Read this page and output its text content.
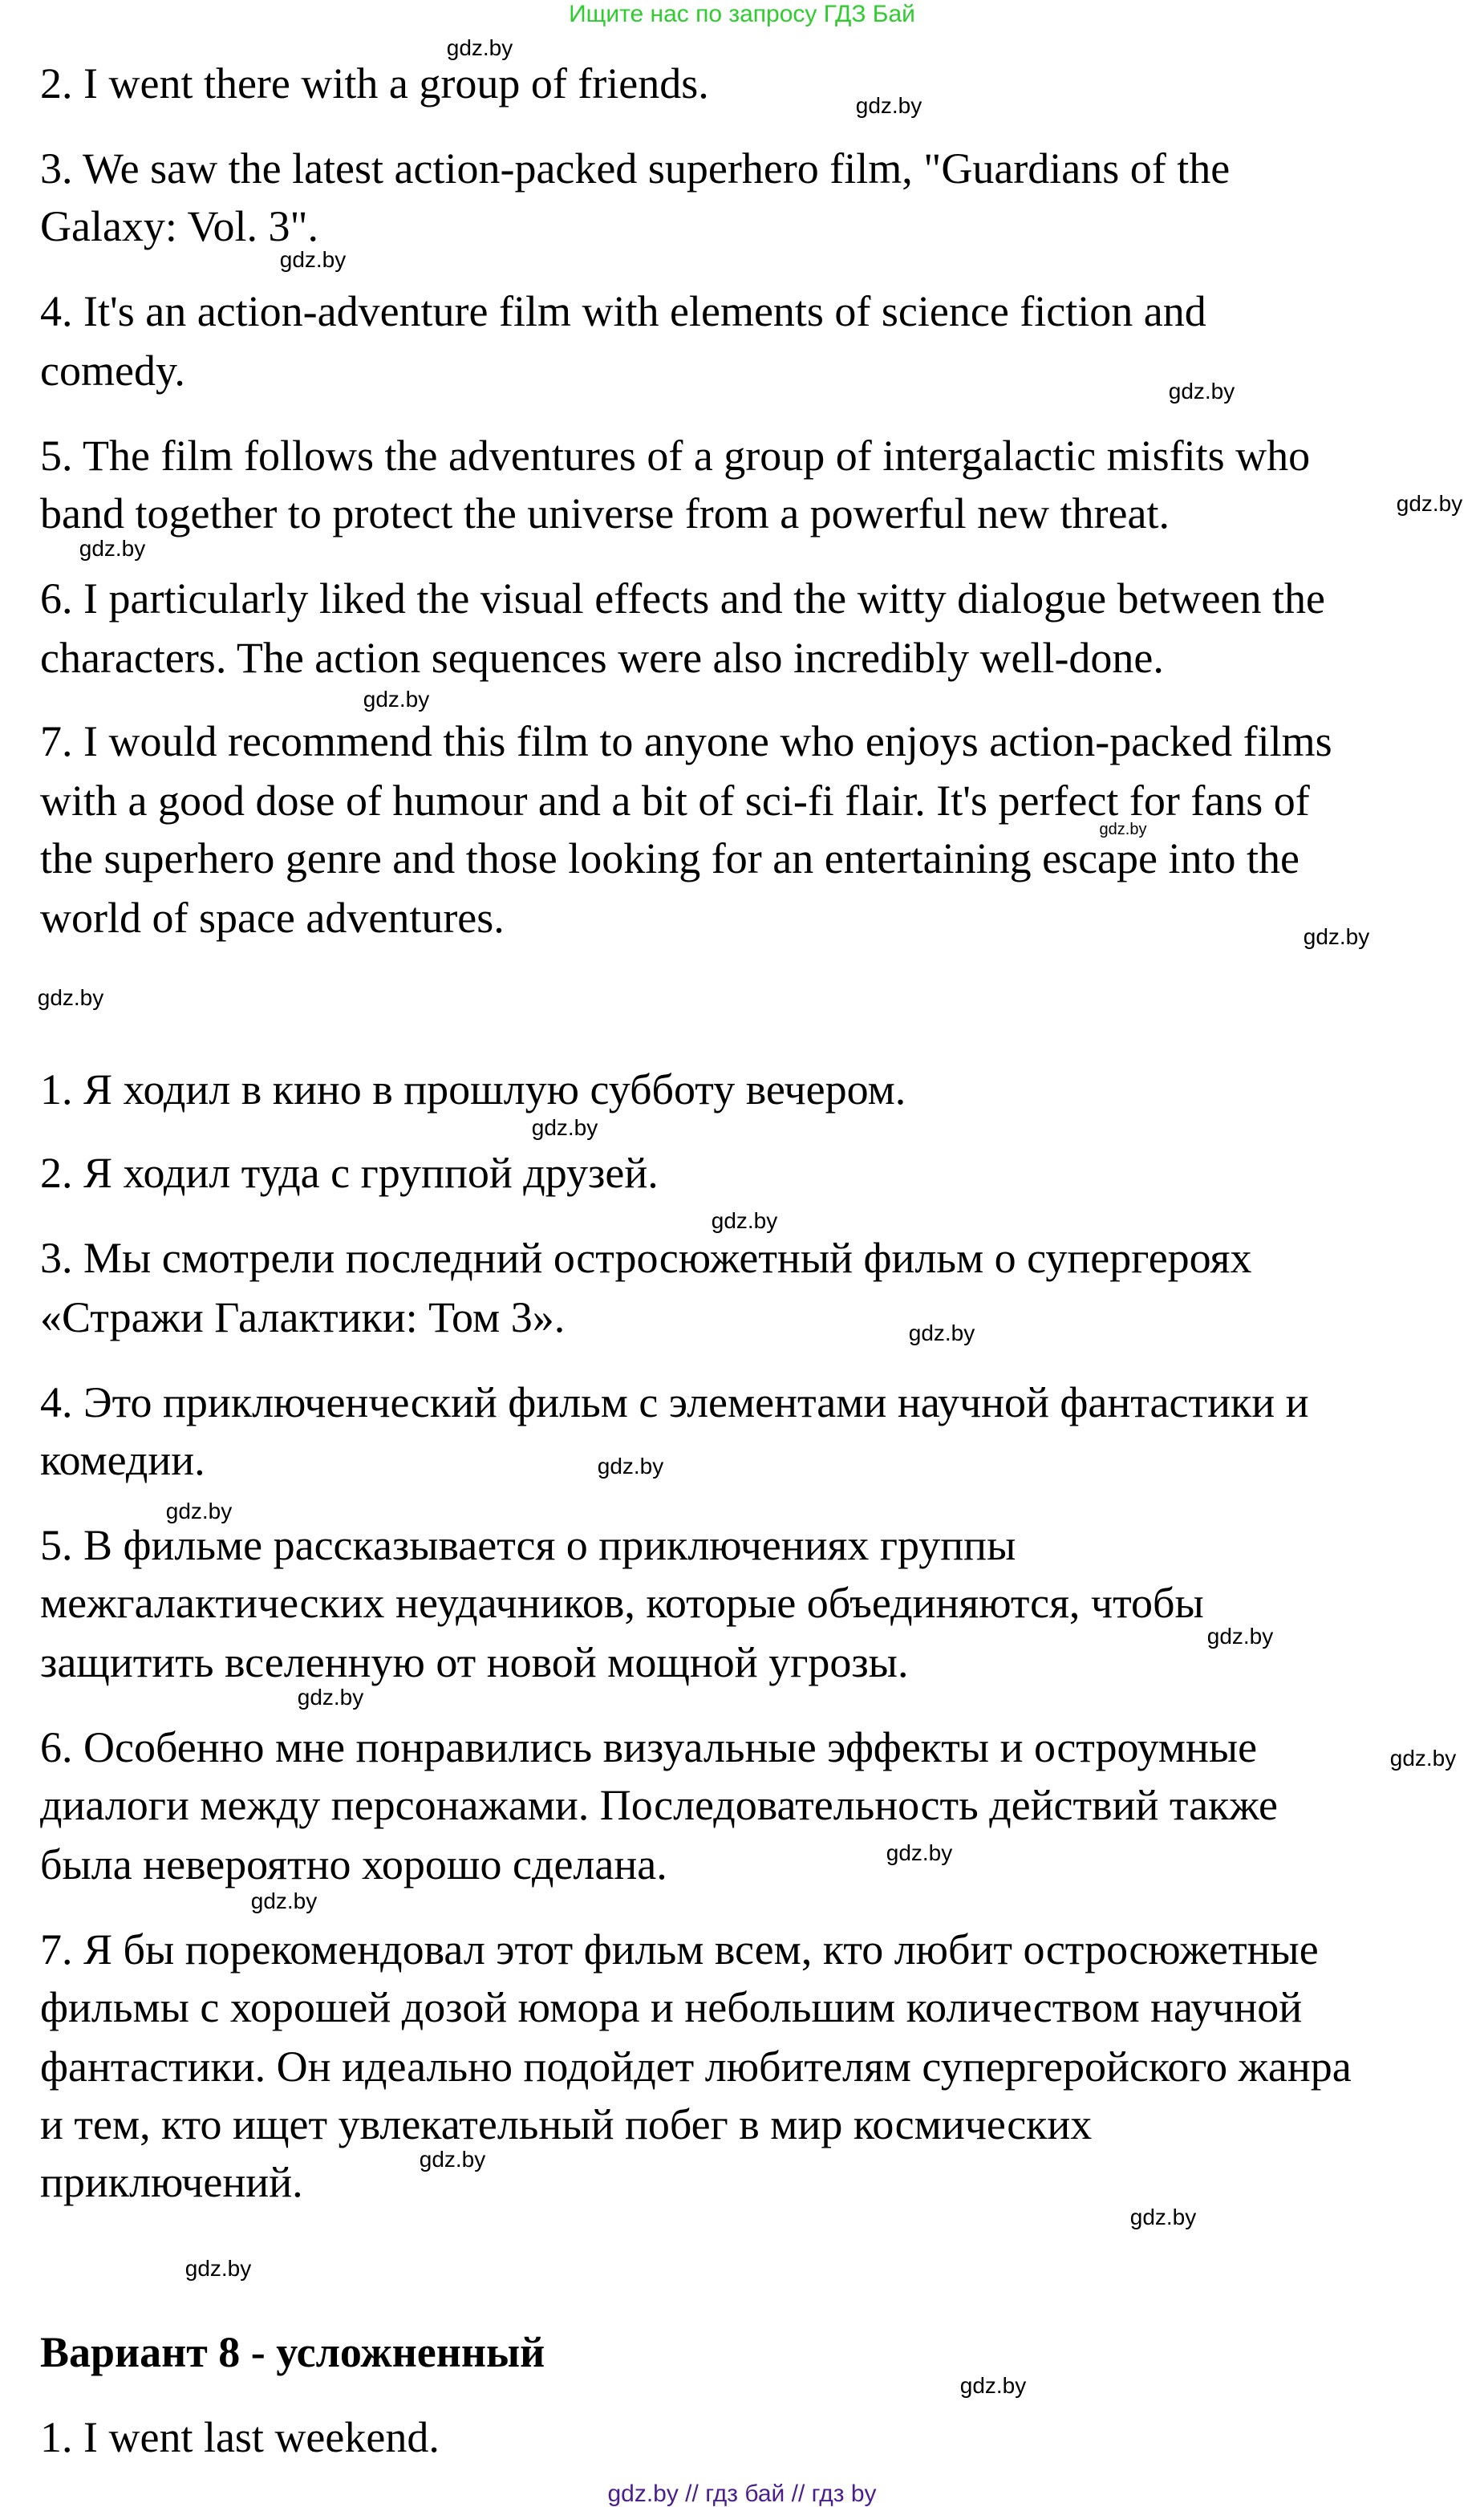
Ищите нас по запросу ГДЗ Бай
2. I went there with a group of friends.
3. We saw the latest action-packed superhero film, "Guardians of the
Galaxy: Vol. 3".
4. It's an action-adventure film with elements of science fiction and
comedy.
5. The film follows the adventures of a group of intergalactic misfits who
band together to protect the universe from a powerful new threat.
6. I particularly liked the visual effects and the witty dialogue between the
characters. The action sequences were also incredibly well-done.
7. I would recommend this film to anyone who enjoys action-packed films
with a good dose of humour and a bit of sci-fi flair. It's perfect for fans of
the superhero genre and those looking for an entertaining escape into the
world of space adventures.
1. Я ходил в кино в прошлую субботу вечером.
2. Я ходил туда с группой друзей.
3. Мы смотрели последний остросюжетный фильм о супергероях
«Стражи Галактики: Том 3».
4. Это приключенческий фильм с элементами научной фантастики и
комедии.
5. В фильме рассказывается о приключениях группы
межгалактических неудачников, которые объединяются, чтобы
защитить вселенную от новой мощной угрозы.
6. Особенно мне понравились визуальные эффекты и остроумные
диалоги между персонажами. Последовательность действий также
была невероятно хорошо сделана.
7. Я бы порекомендовал этот фильм всем, кто любит остросюжетные
фильмы с хорошей дозой юмора и небольшим количеством научной
фантастики. Он идеально подойдет любителям супергеройского жанра
и тем, кто ищет увлекательный побег в мир космических
приключений.
Вариант 8 - усложненный
1. I went last weekend.
gdz.by
gdz.by
gdz.by
gdz.by
gdz.by
gdz.by
gdz.by
gdz.by
gdz.by
gdz.by
gdz.by
gdz.by
gdz.by
gdz.by
gdz.by
gdz.by
gdz.by
gdz.by
gdz.by
gdz.by
gdz.by
gdz.by
gdz.by
gdz.by
gdz.by // гдз бай // гдз by
